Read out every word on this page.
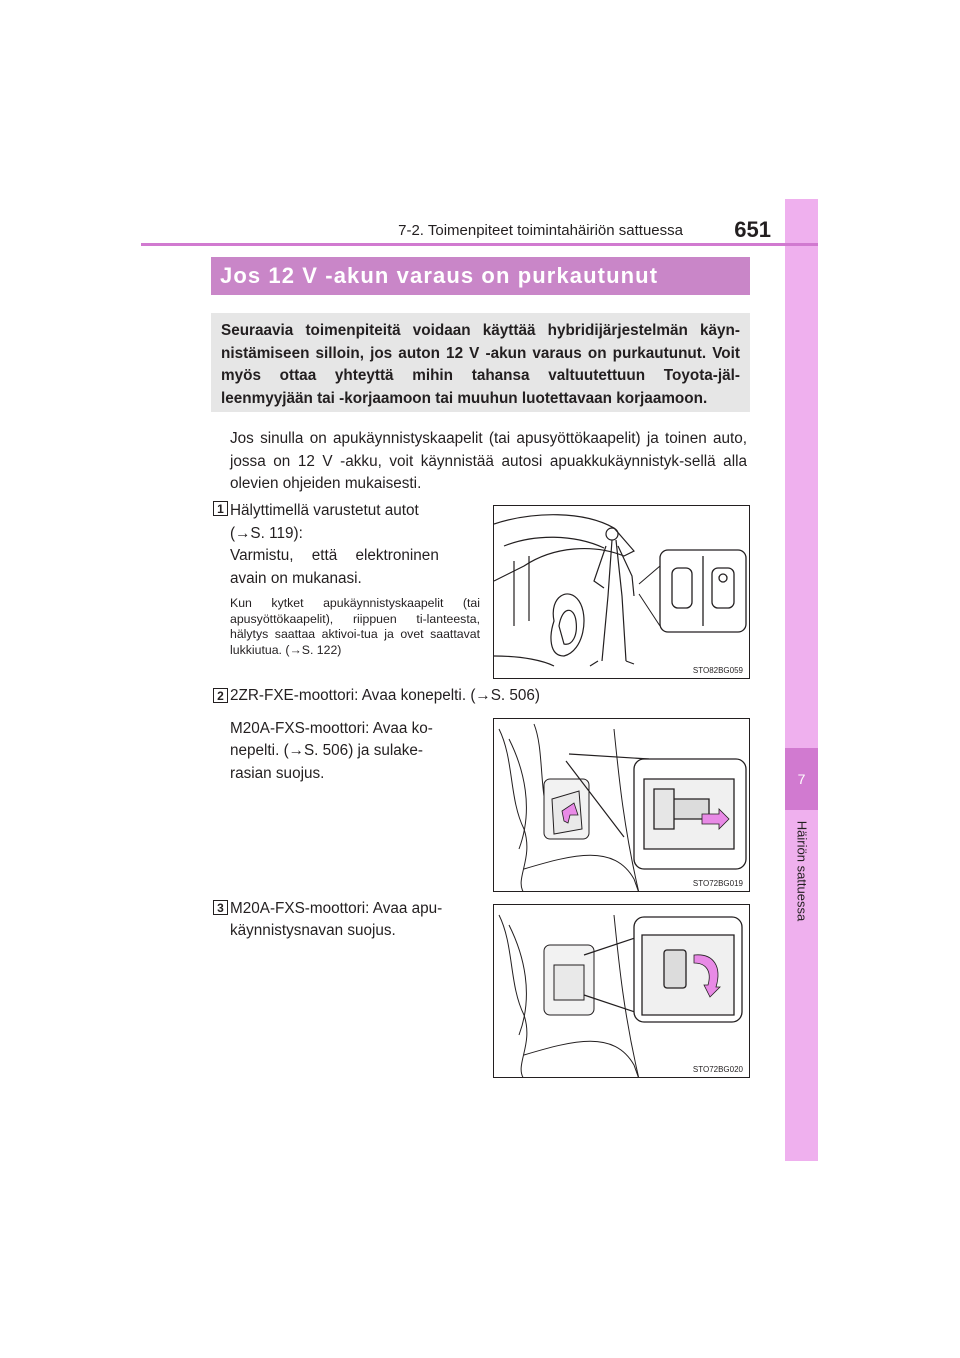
7
Häiriön sattuessa
7-2. Toimenpiteet toimintahäiriön sattuessa 651
Jos 12 V -akun varaus on purkautunut
Seuraavia toimenpiteitä voidaan käyttää hybridijärjestelmän käyn-nistämiseen silloin, jos auton 12 V -akun varaus on purkautunut. Voit myös ottaa yhteyttä mihin tahansa valtuutettuun Toyota-jäl-leenmyyjään tai -korjaamoon tai muuhun luotettavaan korjaamoon.
Jos sinulla on apukäynnistyskaapelit (tai apusyöttökaapelit) ja toinen auto, jossa on 12 V -akku, voit käynnistää autosi apuakkukäynnistyk-sellä alla olevien ohjeiden mukaisesti.
1 Hälyttimellä varustetut autot
(→S. 119):
Varmistu, että elektroninen
avain on mukanasi.
Kun kytket apukäynnistyskaapelit (tai apusyöttökaapelit), riippuen ti-lanteesta, hälytys saattaa aktivoi-tua ja ovet saattavat lukkiutua. (→S. 122)
STO82BG059
2 2ZR-FXE-moottori: Avaa konepelti. (→S. 506)
M20A-FXS-moottori: Avaa ko-
nepelti. (→S. 506) ja sulake-
rasian suojus.
STO72BG019
3 M20A-FXS-moottori: Avaa apu-
käynnistysnavan suojus.
STO72BG020
